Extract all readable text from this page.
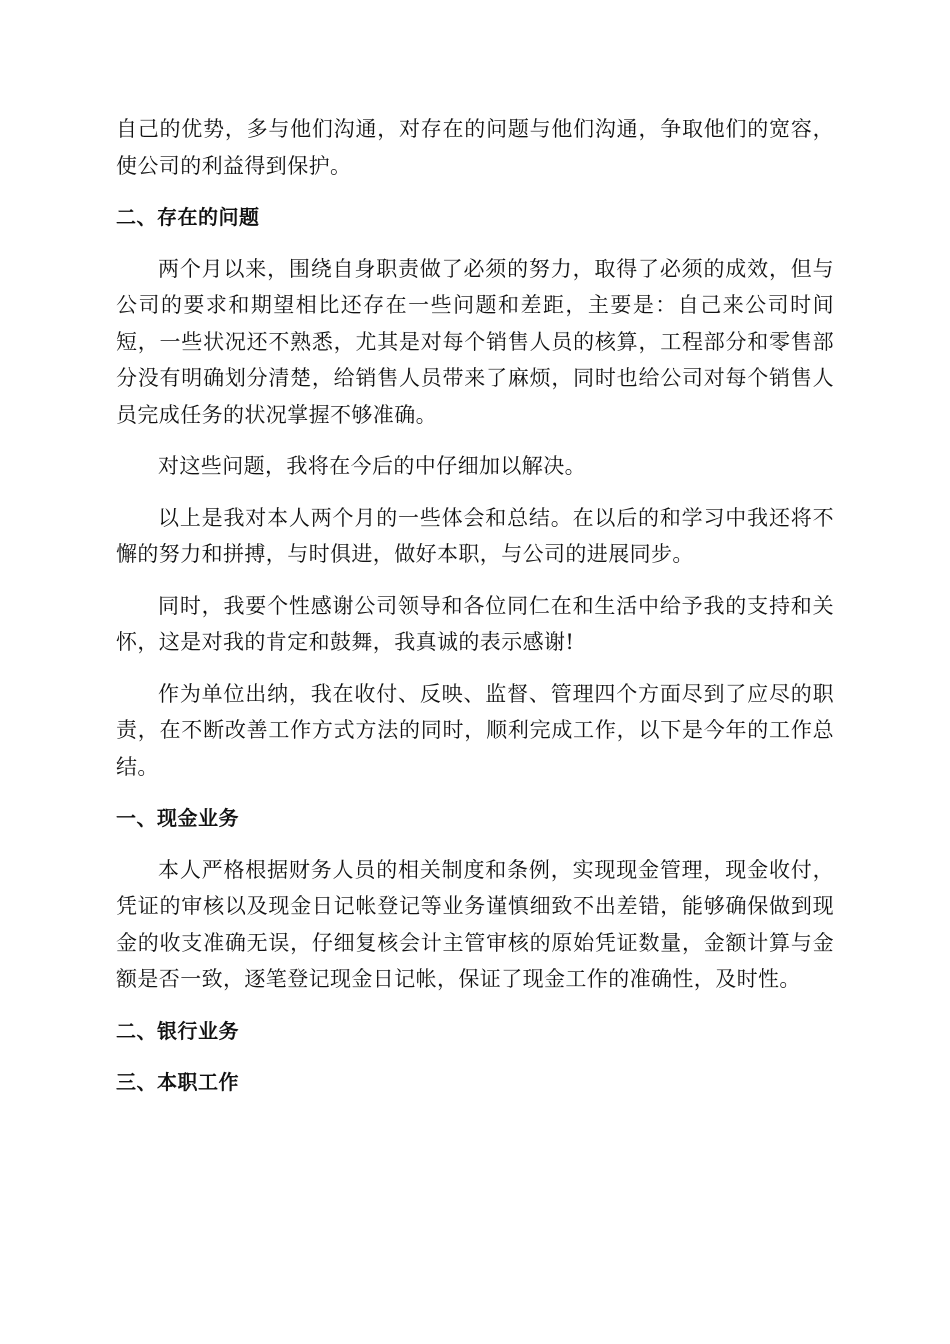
自己的优势，多与他们沟通，对存在的问题与他们沟通，争取他们的宽容，使公司的利益得到保护。

二、存在的问题

两个月以来，围绕自身职责做了必须的努力，取得了必须的成效，但与公司的要求和期望相比还存在一些问题和差距，主要是：自己来公司时间短，一些状况还不熟悉，尤其是对每个销售人员的核算，工程部分和零售部分没有明确划分清楚，给销售人员带来了麻烦，同时也给公司对每个销售人员完成任务的状况掌握不够准确。

对这些问题，我将在今后的中仔细加以解决。

以上是我对本人两个月的一些体会和总结。在以后的和学习中我还将不懈的努力和拼搏，与时俱进，做好本职，与公司的进展同步。

同时，我要个性感谢公司领导和各位同仁在和生活中给予我的支持和关怀，这是对我的肯定和鼓舞，我真诚的表示感谢!

作为单位出纳，我在收付、反映、监督、管理四个方面尽到了应尽的职责，在不断改善工作方式方法的同时，顺利完成工作，以下是今年的工作总结。

一、现金业务

本人严格根据财务人员的相关制度和条例，实现现金管理，现金收付，凭证的审核以及现金日记帐登记等业务谨慎细致不出差错，能够确保做到现金的收支准确无误，仔细复核会计主管审核的原始凭证数量，金额计算与金额是否一致，逐笔登记现金日记帐，保证了现金工作的准确性，及时性。

二、银行业务
三、本职工作
